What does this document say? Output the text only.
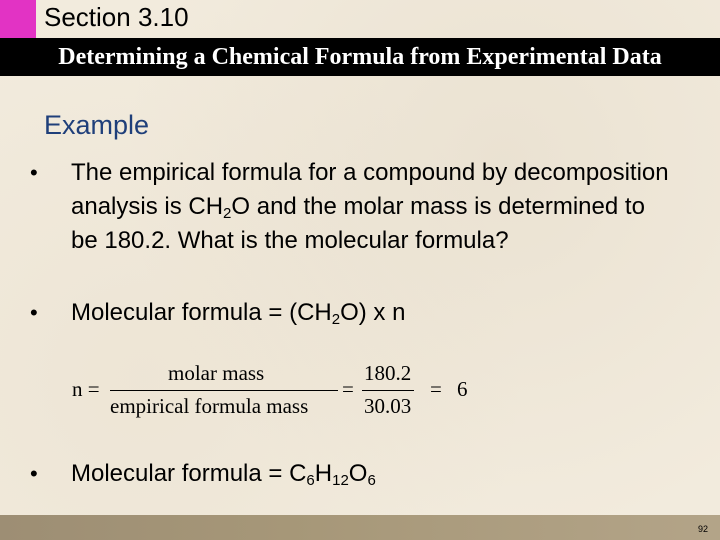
Section 3.10
Determining a Chemical Formula from Experimental Data
Example
•	The empirical formula for a compound by decomposition analysis is $CH_2O$ and the molar mass is determined to be 180.2. What is the molecular formula?
•	Molecular formula = $(CH_2O)$ x n
n =
molar mass
empirical formula mass
=
180.2
30.03
= 6
•	Molecular formula = $C_6H_{12}O_6$
92
